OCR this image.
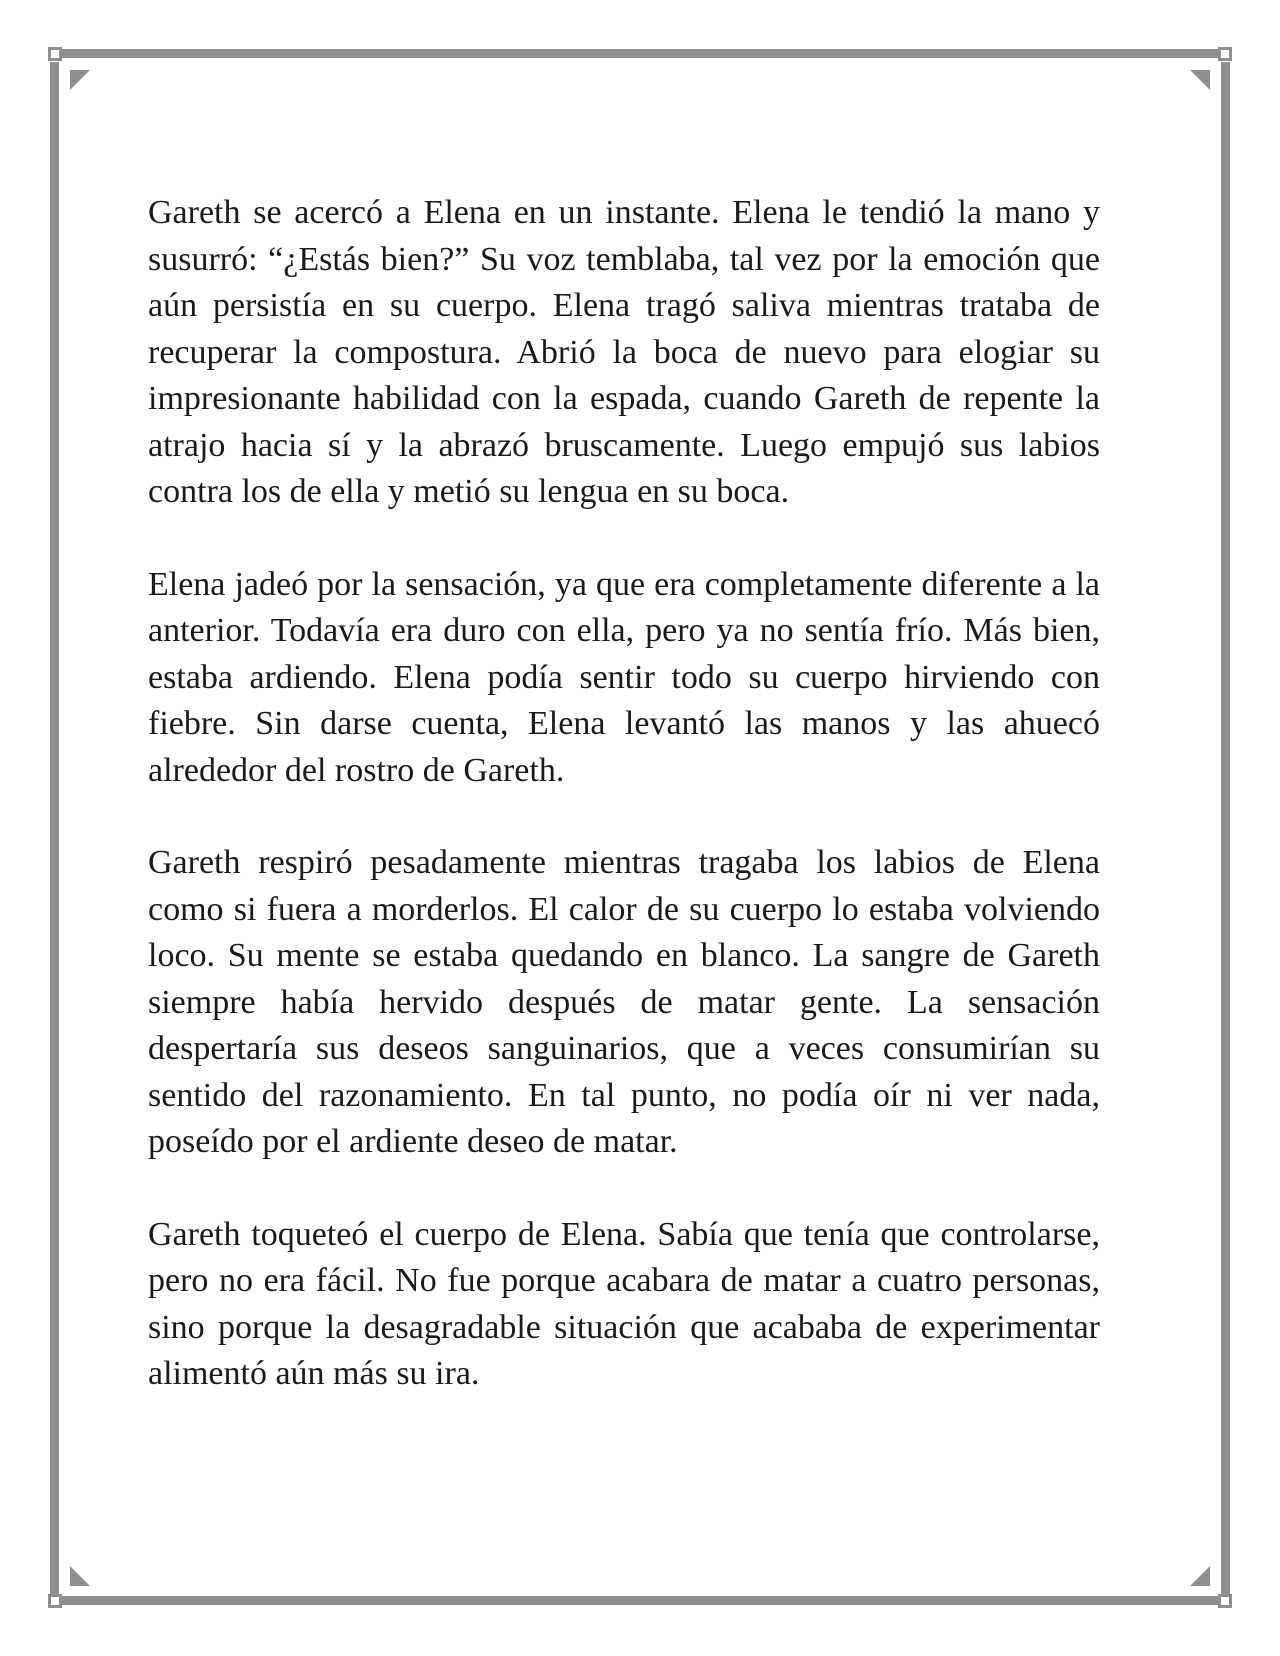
Gareth se acercó a Elena en un instante. Elena le tendió la mano y susurró: “¿Estás bien?” Su voz temblaba, tal vez por la emoción que aún persistía en su cuerpo. Elena tragó saliva mientras trataba de recuperar la compostura. Abrió la boca de nuevo para elogiar su impresionante habilidad con la espada, cuando Gareth de repente la atrajo hacia sí y la abrazó bruscamente. Luego empujó sus labios contra los de ella y metió su lengua en su boca.

Elena jadeó por la sensación, ya que era completamente diferente a la anterior. Todavía era duro con ella, pero ya no sentía frío. Más bien, estaba ardiendo. Elena podía sentir todo su cuerpo hirviendo con fiebre. Sin darse cuenta, Elena levantó las manos y las ahuecó alrededor del rostro de Gareth.

Gareth respiró pesadamente mientras tragaba los labios de Elena como si fuera a morderlos. El calor de su cuerpo lo estaba volviendo loco. Su mente se estaba quedando en blanco. La sangre de Gareth siempre había hervido después de matar gente. La sensación despertaría sus deseos sanguinarios, que a veces consumirían su sentido del razonamiento. En tal punto, no podía oír ni ver nada, poseído por el ardiente deseo de matar.

Gareth toqueteó el cuerpo de Elena. Sabía que tenía que controlarse, pero no era fácil. No fue porque acabara de matar a cuatro personas, sino porque la desagradable situación que acababa de experimentar alimentó aún más su ira.
